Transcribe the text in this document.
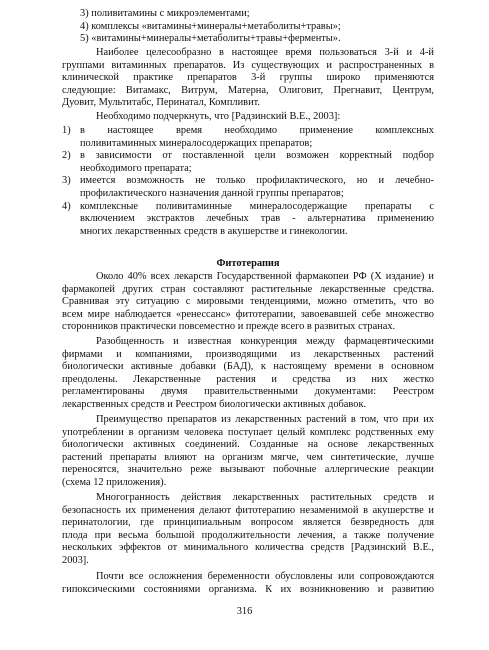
3) поливитамины с микроэлементами;
4) комплексы «витамины+минералы+метаболиты+травы»;
5) «витамины+минералы+метаболиты+травы+ферменты».
Наиболее целесообразно в настоящее время пользоваться 3-й и 4-й
группами витаминных препаратов. Из существующих и распространенных в
клинической практике препаратов 3-й группы широко применяются
следующие: Витамакс, Витрум, Матерна, Олиговит, Прегнавит, Центрум,
Дуовит, Мультитабс, Перинатал, Компливит.
Необходимо подчеркнуть, что [Радзинский В.Е., 2003]:
1) в настоящее время необходимо применение комплексных
поливитаминных минералосодержащих препаратов;
2) в зависимости от поставленной цели возможен корректный подбор
необходимого препарата;
3) имеется возможность не только профилактического, но и лечебно-
профилактического назначения данной группы препаратов;
4) комплексные поливитаминные минералосодержащие препараты с
включением экстрактов лечебных трав - альтернатива применению
многих лекарственных средств в акушерстве и гинекологии.
Фитотерапия
Около 40% всех лекарств Государственной фармакопеи РФ (X издание) и
фармакопей других стран составляют растительные лекарственные средства.
Сравнивая эту ситуацию с мировыми тенденциями, можно отметить, что во
всем мире наблюдается «ренессанс» фитотерапии, завоевавшей себе множество
сторонников практически повсеместно и прежде всего в развитых странах.
Разобщенность и известная конкуренция между фармацевтическими
фирмами и компаниями, производящими из лекарственных растений
биологически активные добавки (БАД), к настоящему времени в основном
преодолены. Лекарственные растения и средства из них жестко
регламентированы двумя правительственными документами: Реестром
лекарственных средств и Реестром биологически активных добавок.
Преимущество препаратов из лекарственных растений в том, что при их
употреблении в организм человека поступает целый комплекс родственных ему
биологически активных соединений. Созданные на основе лекарственных
растений препараты влияют на организм мягче, чем синтетические, лучше
переносятся, значительно реже вызывают побочные аллергические реакции
(схема 12 приложения).
Многогранность действия лекарственных растительных средств и
безопасность их применения делают фитотерапию незаменимой в акушерстве и
перинатологии, где принципиальным вопросом является безвредность для
плода при весьма большой продолжительности лечения, а также получение
нескольких эффектов от минимального количества средств [Радзинский В.Е.,
2003].
Почти все осложнения беременности обусловлены или сопровождаются
гипоксическими состояниями организма. К их возникновению и развитию
316
